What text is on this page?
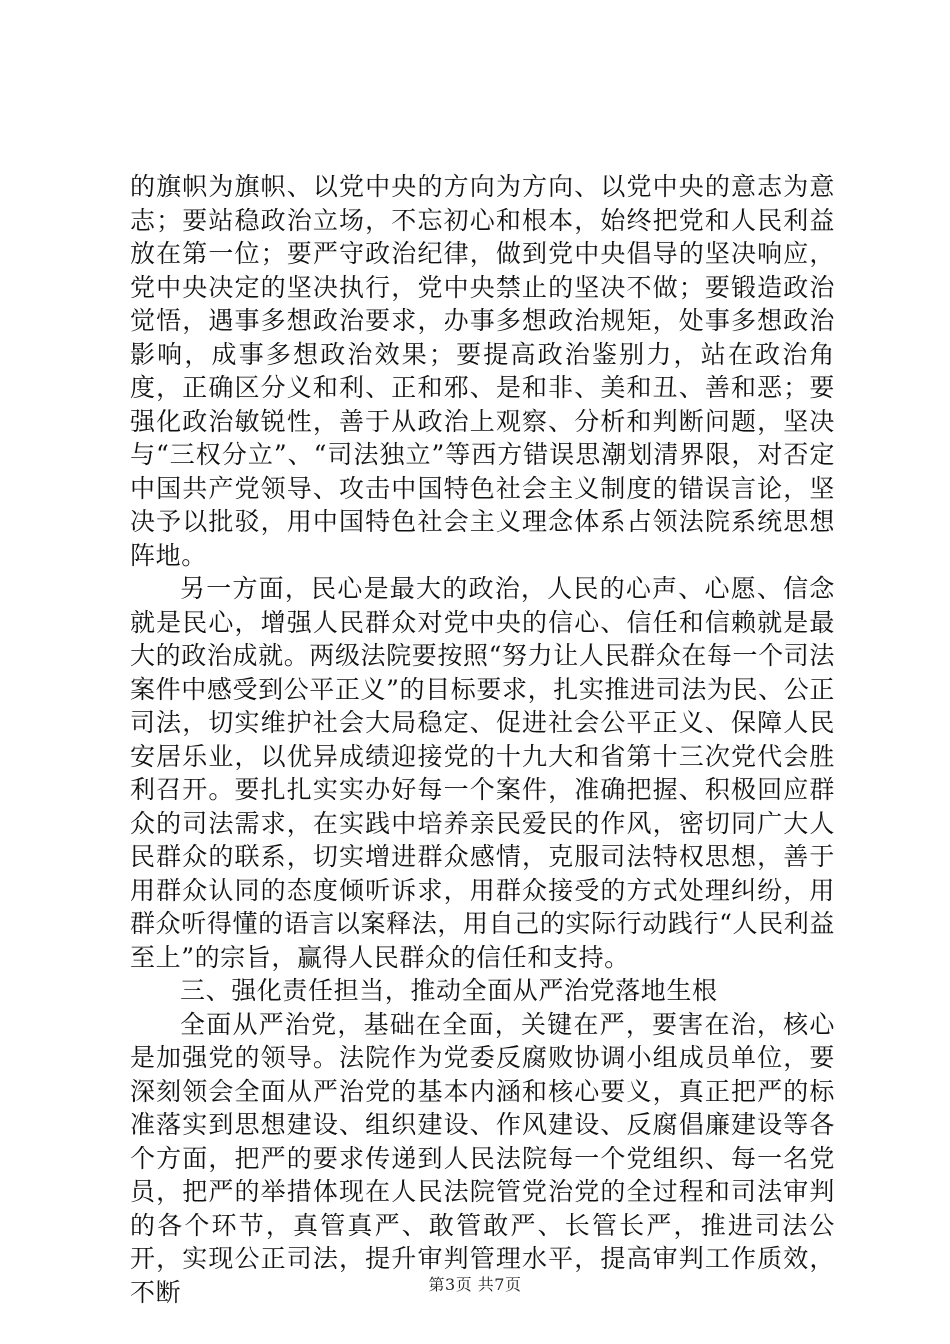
的旗帜为旗帜、以党中央的方向为方向、以党中央的意志为意志；要站稳政治立场，不忘初心和根本，始终把党和人民利益放在第一位；要严守政治纪律，做到党中央倡导的坚决响应，党中央决定的坚决执行，党中央禁止的坚决不做；要锻造政治觉悟，遇事多想政治要求，办事多想政治规矩，处事多想政治影响，成事多想政治效果；要提高政治鉴别力，站在政治角度，正确区分义和利、正和邪、是和非、美和丑、善和恶；要强化政治敏锐性，善于从政治上观察、分析和判断问题，坚决与“三权分立”、“司法独立”等西方错误思潮划清界限，对否定中国共产党领导、攻击中国特色社会主义制度的错误言论，坚决予以批驳，用中国特色社会主义理念体系占领法院系统思想阵地。

另一方面，民心是最大的政治，人民的心声、心愿、信念就是民心，增强人民群众对党中央的信心、信任和信赖就是最大的政治成就。两级法院要按照“努力让人民群众在每一个司法案件中感受到公平正义”的目标要求，扎实推进司法为民、公正司法，切实维护社会大局稳定、促进社会公平正义、保障人民安居乐业，以优异成绩迎接党的十九大和省第十三次党代会胜利召开。要扎扎实实办好每一个案件，准确把握、积极回应群众的司法需求，在实践中培养亲民爱民的作风，密切同广大人民群众的联系，切实增进群众感情，克服司法特权思想，善于用群众认同的态度倾听诉求，用群众接受的方式处理纠纷，用群众听得懂的语言以案释法，用自己的实际行动践行“人民利益至上”的宗旨，赢得人民群众的信任和支持。

三、强化责任担当，推动全面从严治党落地生根

全面从严治党，基础在全面，关键在严，要害在治，核心是加强党的领导。法院作为党委反腐败协调小组成员单位，要深刻领会全面从严治党的基本内涵和核心要义，真正把严的标准落实到思想建设、组织建设、作风建设、反腐倡廉建设等各个方面，把严的要求传递到人民法院每一个党组织、每一名党员，把严的举措体现在人民法院管党治党的全过程和司法审判的各个环节，真管真严、敢管敢严、长管长严，推进司法公开，实现公正司法，提升审判管理水平，提高审判工作质效，不断	第3页 共7页
